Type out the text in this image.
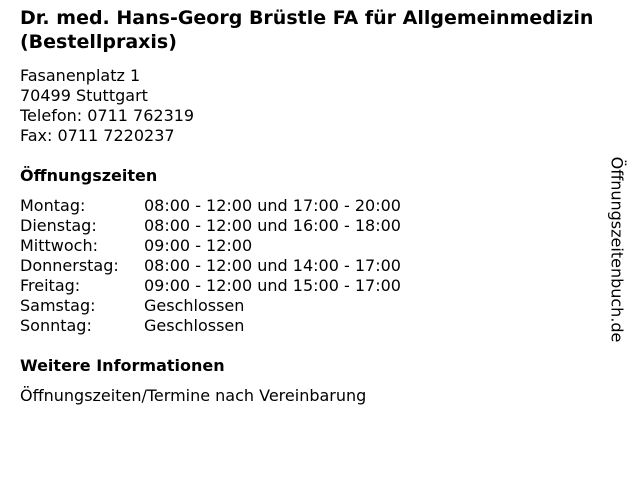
Dr. med. Hans-Georg Brüstle FA für Allgemeinmedizin (Bestellpraxis)
Fasanenplatz 1
70499 Stuttgart
Telefon: 0711 762319
Fax: 0711 7220237
Öffnungszeiten
Montag:	08:00 - 12:00 und 17:00 - 20:00
Dienstag:	08:00 - 12:00 und 16:00 - 18:00
Mittwoch:	09:00 - 12:00
Donnerstag:	08:00 - 12:00 und 14:00 - 17:00
Freitag:	09:00 - 12:00 und 15:00 - 17:00
Samstag:	Geschlossen
Sonntag:	Geschlossen
Weitere Informationen
Öffnungszeiten/Termine nach Vereinbarung
Öffnungszeitenbuch.de
